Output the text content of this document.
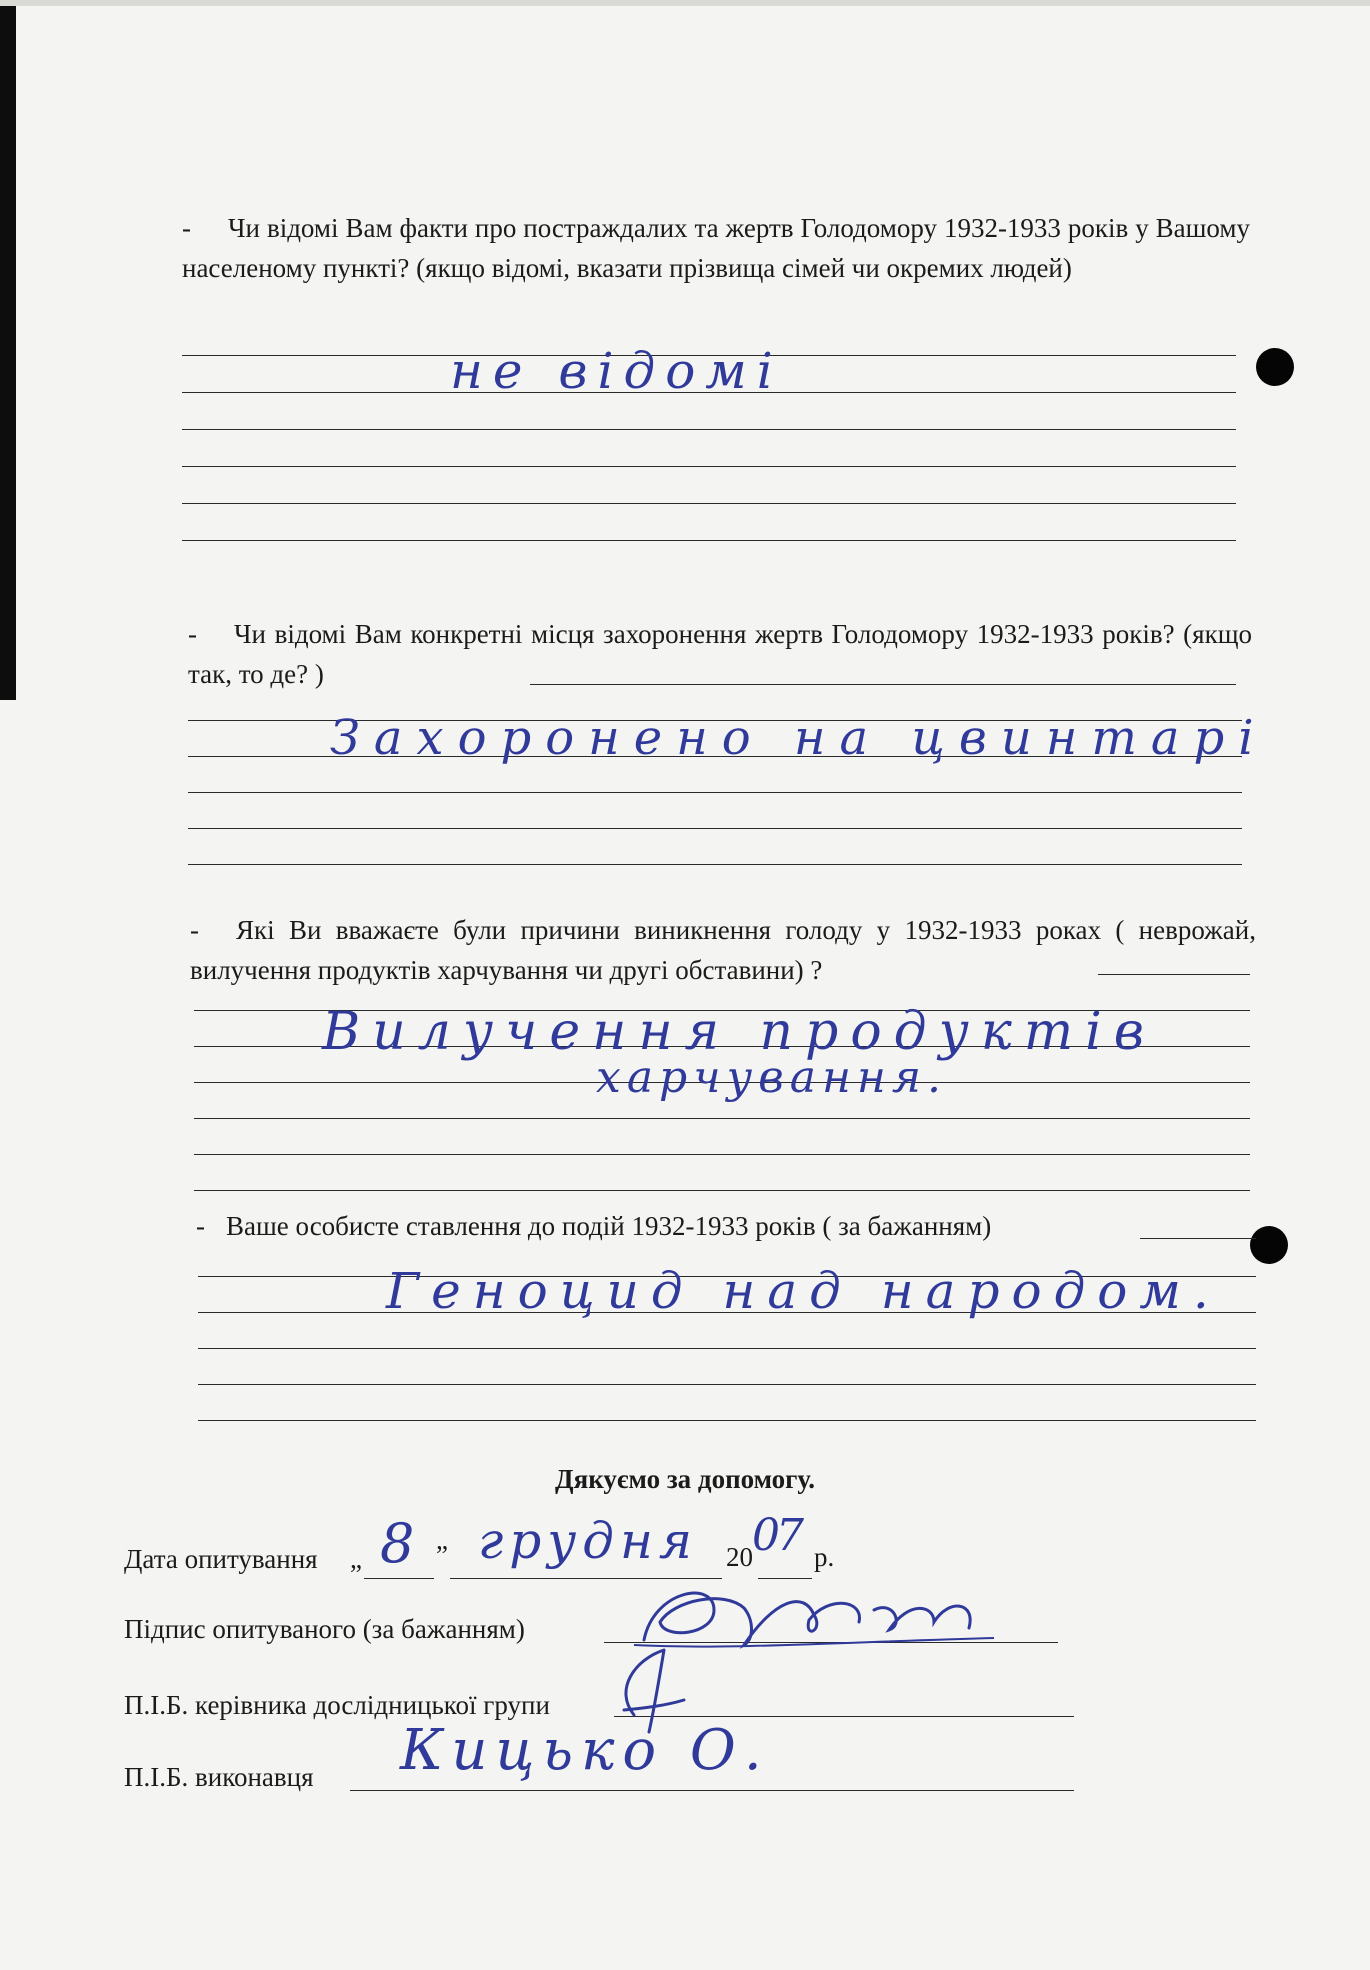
- Чи відомі Вам факти про постраждалих та жертв Голодомору 1932-1933 років у Вашому населеному пункті? (якщо відомі, вказати прізвища сімей чи окремих людей)
не відомі
- Чи відомі Вам конкретні місця захоронення жертв Голодомору 1932-1933 років? (якщо так, то де? )
Захоронено на цвинтарі
- Які Ви вважаєте були причини виникнення голоду у 1932-1933 роках ( неврожай, вилучення продуктів харчування чи другі обставини) ?
Вилучення продуктів
харчування.
- Ваше особисте ставлення до подій 1932-1933 років ( за бажанням)
Геноцид над народом.
Дякуємо за допомогу.
Дата опитування „ 8 ” грудня 20 07 р.
Підпис опитуваного (за бажанням)
П.І.Б. керівника дослідницької групи
П.І.Б. виконавця Кицько О.
